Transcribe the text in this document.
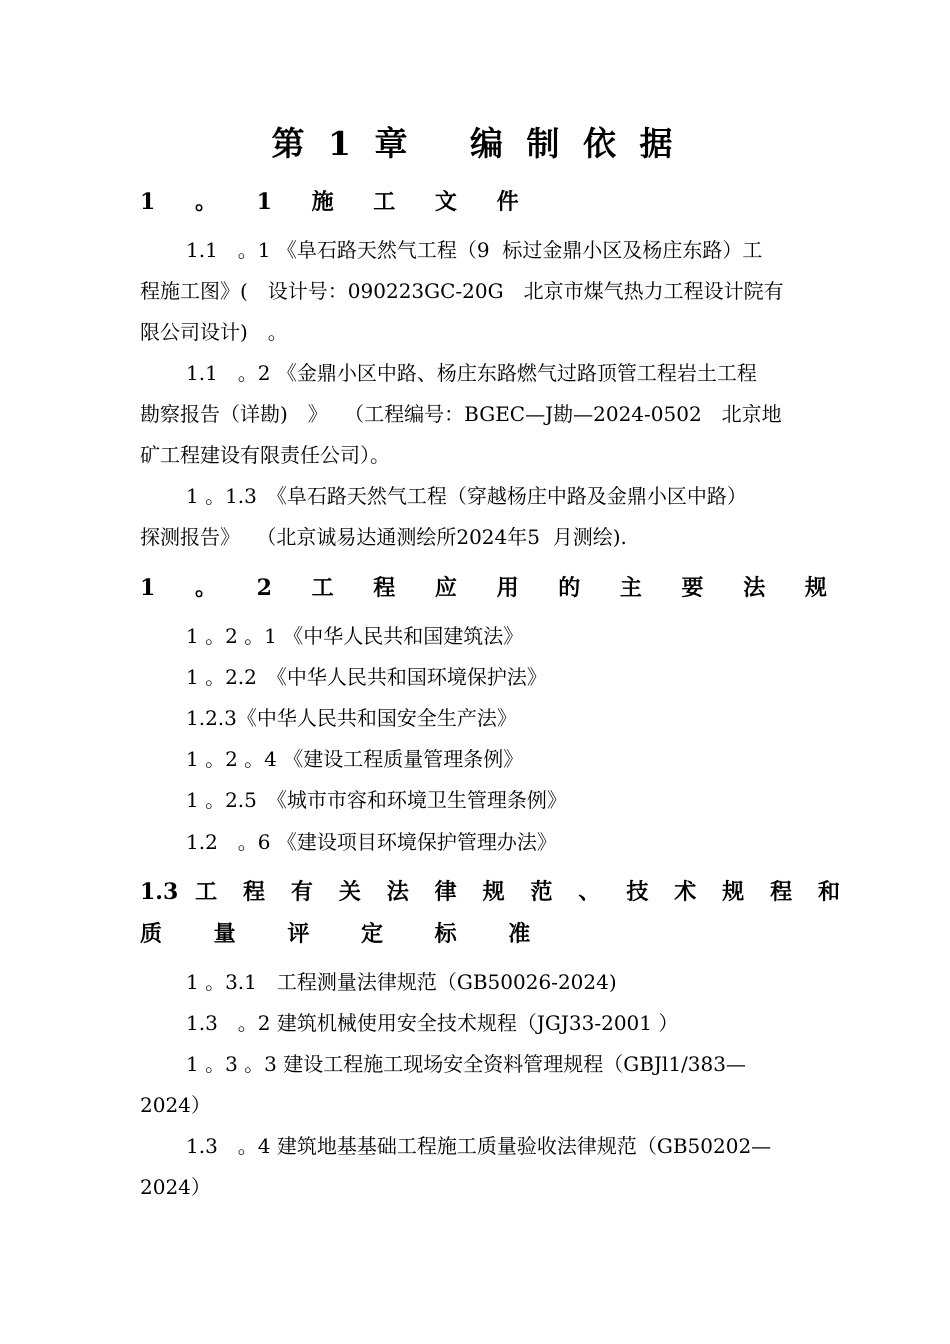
第 1 章　 编 制 依 据
1 。 1 施 工 文 件
1.1　。1 《阜石路天然气工程（9  标过金鼎小区及杨庄东路）工
程施工图》(　设计号：090223GC-20G　北京市煤气热力工程设计院有
限公司设计)　。
1.1　。2 《金鼎小区中路、杨庄东路燃气过路顶管工程岩土工程
勘察报告（详勘)　》　 （工程编号：BGEC—J勘—2024-0502　北京地
矿工程建设有限责任公司）。
1 。1.3　《阜石路天然气工程（穿越杨庄中路及金鼎小区中路）
探测报告》　 （北京诚易达通测绘所2024年5  月测绘).
1 。 2 工 程 应 用 的 主 要 法 规
1 。2 。1 《中华人民共和国建筑法》
1 。2.2　《中华人民共和国环境保护法》
1.2.3《中华人民共和国安全生产法》
1 。2 。4 《建设工程质量管理条例》
1 。2.5　《城市市容和环境卫生管理条例》
1.2　。6 《建设项目环境保护管理办法》
1.3 工 程 有 关 法 律 规 范 、 技 术 规 程 和
质 量 评 定 标 准
1 。3.1　工程测量法律规范（GB50026-2024)
1.3　。2 建筑机械使用安全技术规程（JGJ33-2001 ）
1 。3 。3 建设工程施工现场安全资料管理规程（GBJl1/383—
2024）
1.3　。4 建筑地基基础工程施工质量验收法律规范（GB50202—
2024）
